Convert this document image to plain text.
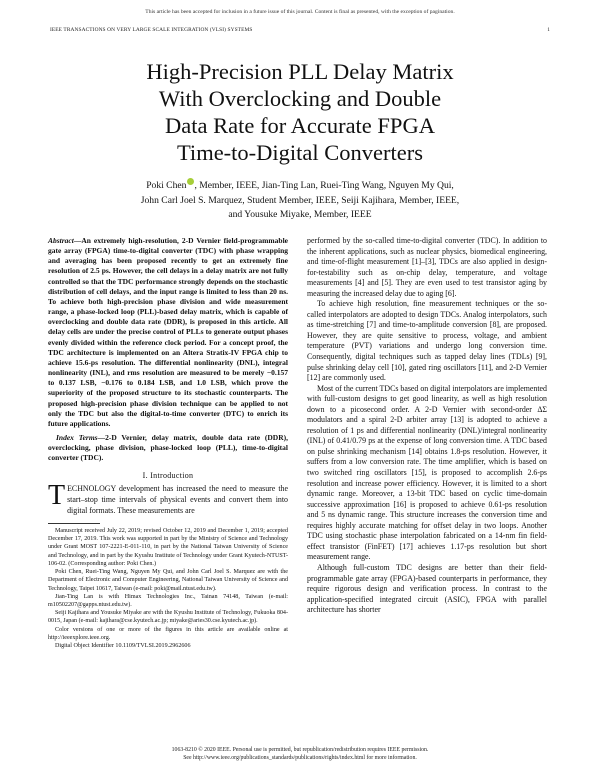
This article has been accepted for inclusion in a future issue of this journal. Content is final as presented, with the exception of pagination.
IEEE TRANSACTIONS ON VERY LARGE SCALE INTEGRATION (VLSI) SYSTEMS	1
High-Precision PLL Delay Matrix
With Overclocking and Double
Data Rate for Accurate FPGA
Time-to-Digital Converters
Poki Chen , Member, IEEE, Jian-Ting Lan, Ruei-Ting Wang, Nguyen My Qui,
John Carl Joel S. Marquez, Student Member, IEEE, Seiji Kajihara, Member, IEEE,
and Yousuke Miyake, Member, IEEE

Abstract—An extremely high-resolution, 2-D Vernier field-programmable gate array (FPGA) time-to-digital converter (TDC) with phase wrapping and averaging has been proposed recently to get an extremely fine resolution of 2.5 ps. However, the cell delays in a delay matrix are not fully controlled so that the TDC performance strongly depends on the stochastic distribution of cell delays, and the input range is limited to less than 20 ns. To achieve both high-precision phase division and wide measurement range, a phase-locked loop (PLL)-based delay matrix, which is capable of overclocking and double data rate (DDR), is proposed in this article. All delay cells are under the precise control of PLLs to generate output phases evenly divided within the reference clock period. For a concept proof, the TDC architecture is implemented on an Altera Stratix-IV FPGA chip to achieve 15.6-ps resolution. The differential nonlinearity (DNL), integral nonlinearity (INL), and rms resolution are measured to be merely −0.157 to 0.137 LSB, −0.176 to 0.184 LSB, and 1.0 LSB, which prove the superiority of the proposed structure to its stochastic counterparts. The proposed high-precision phase division technique can be applied to not only the TDC but also the digital-to-time converter (DTC) to enrich its future applications.

Index Terms—2-D Vernier, delay matrix, double data rate (DDR), overclocking, phase division, phase-locked loop (PLL), time-to-digital converter (TDC).

I. Introduction

TECHNOLOGY development has increased the need to measure the start–stop time intervals of physical events and convert them into digital formats. These measurements are

Manuscript received July 22, 2019; revised October 12, 2019 and December 1, 2019; accepted December 17, 2019. This work was supported in part by the Ministry of Science and Technology under Grant MOST 107-2221-E-011-110, in part by the National Taiwan University of Science and Technology, and in part by the Kyushu Institute of Technology under Grant Kyutech-NTUST-106-02. (Corresponding author: Poki Chen.)

Poki Chen, Ruei-Ting Wang, Nguyen My Qui, and John Carl Joel S. Marquez are with the Department of Electronic and Computer Engineering, National Taiwan University of Science and Technology, Taipei 10617, Taiwan (e-mail: poki@mail.ntust.edu.tw).

Jian-Ting Lan is with Himax Technologies Inc., Tainan 74148, Taiwan (e-mail: m10502207@gapps.ntust.edu.tw).

Seiji Kajihara and Yousuke Miyake are with the Kyushu Institute of Technology, Fukuoka 804-0015, Japan (e-mail: kajihara@cse.kyutech.ac.jp; miyake@aries30.cse.kyutech.ac.jp).

Color versions of one or more of the figures in this article are available online at http://ieeexplore.ieee.org.

Digital Object Identifier 10.1109/TVLSI.2019.2962606

performed by the so-called time-to-digital converter (TDC). In addition to the inherent applications, such as nuclear physics, biomedical engineering, and time-of-flight measurement [1]–[3], TDCs are also applied in design-for-testability such as on-chip delay, temperature, and voltage measurements [4] and [5]. They are even used to test transistor aging by measuring the increased delay due to aging [6].

To achieve high resolution, fine measurement techniques or the so-called interpolators are adopted to design TDCs. Analog interpolators, such as time-stretching [7] and time-to-amplitude conversion [8], are proposed. However, they are quite sensitive to process, voltage, and ambient temperature (PVT) variations and undergo long conversion time. Consequently, digital techniques such as tapped delay lines (TDLs) [9], pulse shrinking delay cell [10], gated ring oscillators [11], and 2-D Vernier [12] are commonly used.

Most of the current TDCs based on digital interpolators are implemented with full-custom designs to get good linearity, as well as high resolution down to a picosecond order. A 2-D Vernier with second-order ΔΣ modulators and a spiral 2-D arbiter array [13] is adopted to achieve a resolution of 1 ps and differential nonlinearity (DNL)/integral nonlinearity (INL) of 0.41/0.79 ps at the expense of long conversion time. A TDC based on pulse shrinking mechanism [14] obtains 1.8-ps resolution. However, it suffers from a low conversion rate. The time amplifier, which is based on two switched ring oscillators [15], is proposed to accomplish 2.6-ps resolution and increase power efficiency. However, it is limited to a short dynamic range. Moreover, a 13-bit TDC based on cyclic time-domain successive approximation [16] is proposed to achieve 0.61-ps resolution and 5 ns dynamic range. This structure increases the conversion time and requires highly accurate matching for offset delay in two loops. Another TDC using stochastic phase interpolation fabricated on a 14-nm fin field-effect transistor (FinFET) [17] achieves 1.17-ps resolution but short measurement range.

Although full-custom TDC designs are better than their field-programmable gate array (FPGA)-based counterparts in performance, they require rigorous design and verification process. In contrast to the application-specified integrated circuit (ASIC), FPGA with parallel architecture has shorter

1063-8210 © 2020 IEEE. Personal use is permitted, but republication/redistribution requires IEEE permission.
See http://www.ieee.org/publications_standards/publications/rights/index.html for more information.
